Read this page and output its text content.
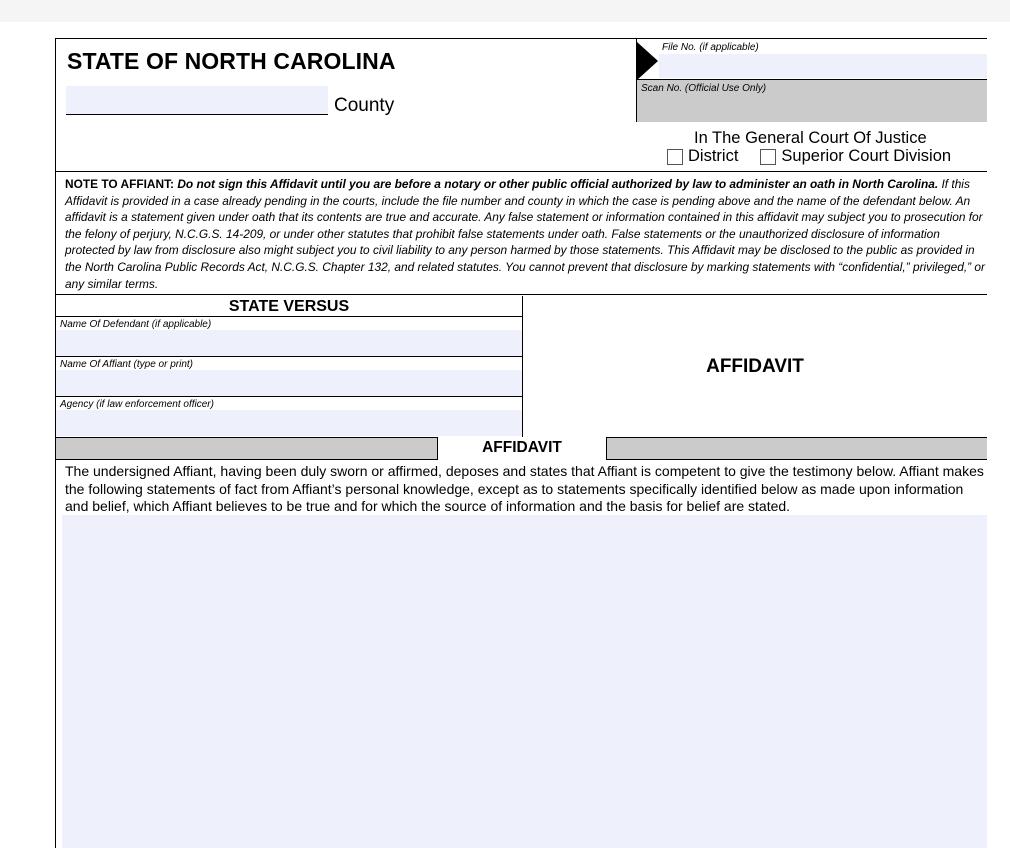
STATE OF NORTH CAROLINA
County
File No. (if applicable)
Scan No. (Official Use Only)
In The General Court Of Justice
District	Superior Court Division
NOTE TO AFFIANT: Do not sign this Affidavit until you are before a notary or other public official authorized by law to administer an oath in North Carolina. If this Affidavit is provided in a case already pending in the courts, include the file number and county in which the case is pending above and the name of the defendant below. An affidavit is a statement given under oath that its contents are true and accurate. Any false statement or information contained in this affidavit may subject you to prosecution for the felony of perjury, N.C.G.S. 14-209, or under other statutes that prohibit false statements under oath. False statements or the unauthorized disclosure of information protected by law from disclosure also might subject you to civil liability to any person harmed by those statements. This Affidavit may be disclosed to the public as provided in the North Carolina Public Records Act, N.C.G.S. Chapter 132, and related statutes. You cannot prevent that disclosure by marking statements with “confidential,” privileged,” or any similar terms.
STATE VERSUS
Name Of Defendant (if applicable)
Name Of Affiant (type or print)
Agency (if law enforcement officer)
AFFIDAVIT
AFFIDAVIT
The undersigned Affiant, having been duly sworn or affirmed, deposes and states that Affiant is competent to give the testimony below. Affiant makes the following statements of fact from Affiant’s personal knowledge, except as to statements specifically identified below as made upon information and belief, which Affiant believes to be true and for which the source of information and the basis for belief are stated.
